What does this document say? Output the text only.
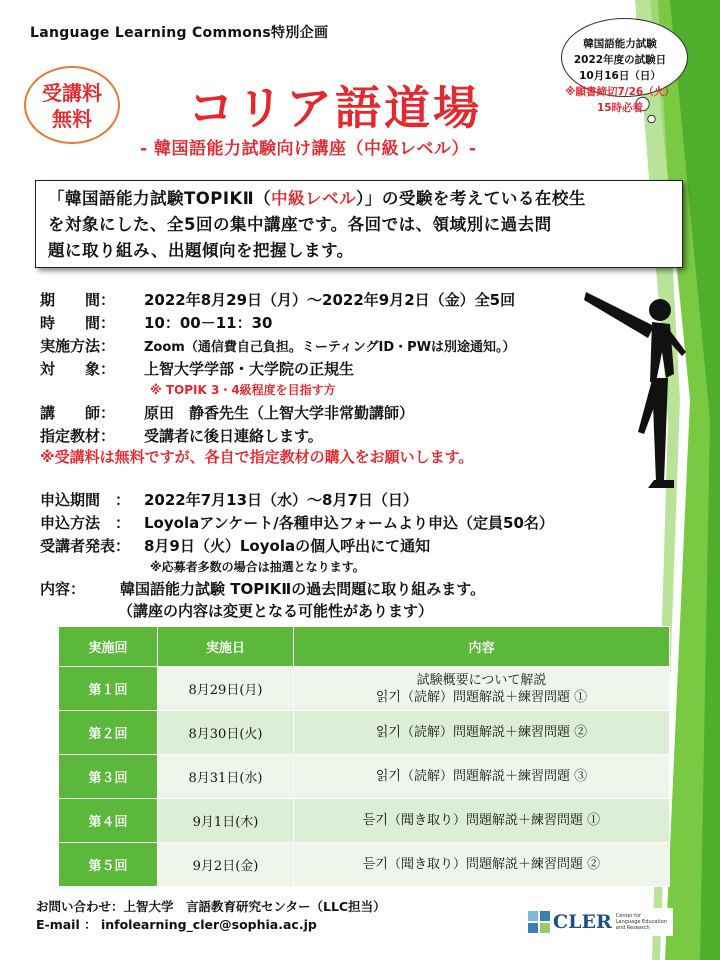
Language Learning Commons特別企画
受講料
無料	コリア語道場
- 韓国語能力試験向け講座（中級レベル）-
韓国語能力試験
2022年度の試験日
10月16日（日）
※願書締切7/26（火）
15時必着
「韓国語能力試験TOPIKⅡ（中級レベル）」の受験を考えている在校生
を対象にした、全5回の集中講座です。各回では、領域別に過去問
題に取り組み、出題傾向を把握します。
期　　間： 2022年8月29日（月）～2022年9月2日（金）全5回
時　　間： 10：00－11：30
実施方法： Zoom（通信費自己負担。ミーティングID・PWは別途通知。）
対　　象： 上智大学学部・大学院の正規生
※ TOPIK 3・4級程度を目指す方
講　　師： 原田　静香先生（上智大学非常勤講師）
指定教材： 受講者に後日連絡します。
※受講料は無料ですが、各自で指定教材の購入をお願いします。
申込期間　： 2022年7月13日（水）～8月7日（日）
申込方法　： Loyolaアンケート/各種申込フォームより申込（定員50名）
受講者発表： 8月9日（火）Loyolaの個人呼出にて通知
※応募者多数の場合は抽選となります。
内容： 韓国語能力試験 TOPIKⅡの過去問題に取り組みます。
（講座の内容は変更となる可能性があります）
実施回	実施日	内容
第１回	8月29日(月)	試験概要について解説
읽기（読解）問題解説＋練習問題 ①

第２回	8月30日(火)	읽기（読解）問題解説＋練習問題 ②
第３回	8月31日(水)	읽기（読解）問題解説＋練習問題 ③
第４回	9月1日(木)	듣기（聞き取り）問題解説＋練習問題 ①
第５回	9月2日(金)	듣기（聞き取り）問題解説＋練習問題 ②
お問い合わせ：上智大学　言語教育研究センター（LLC担当）
E-mail ： infolearning_cler@sophia.ac.jp	CLER Center for
Language Education
and Research
